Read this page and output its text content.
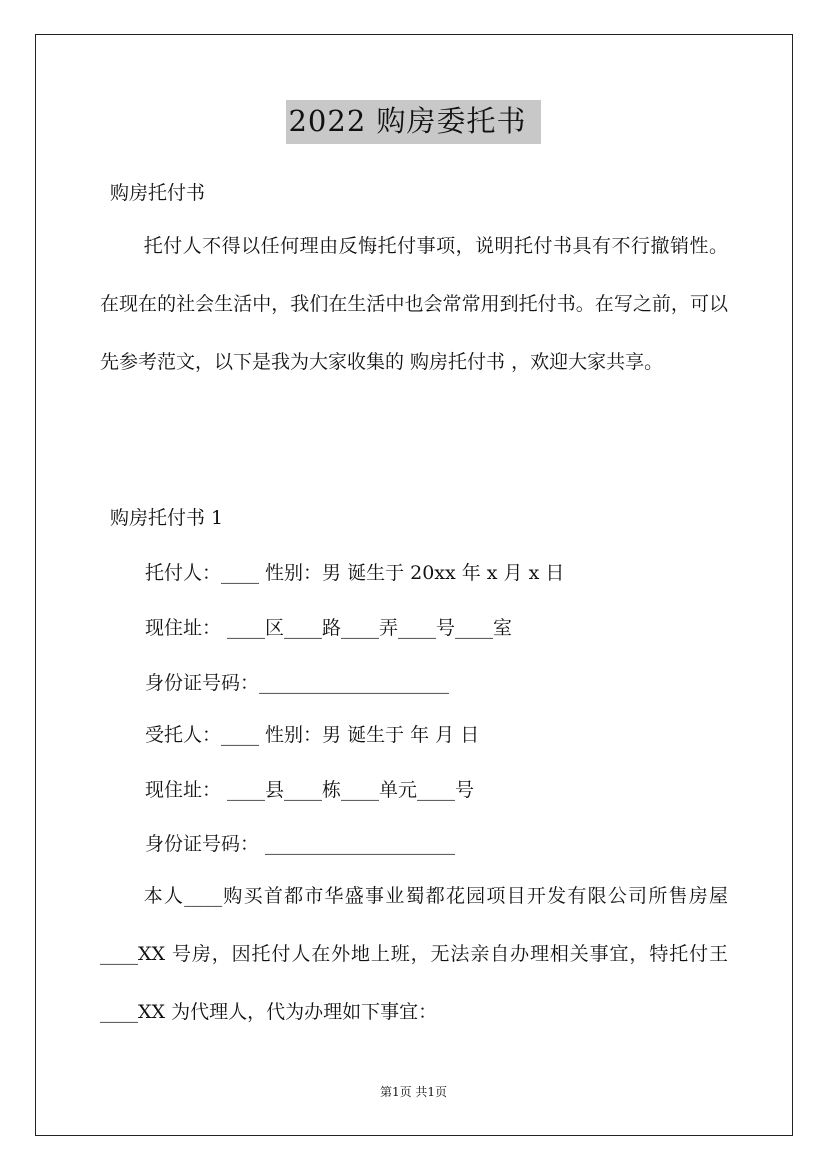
2022 购房委托书
购房托付书
托付人不得以任何理由反悔托付事项，说明托付书具有不行撤销性。在现在的社会生活中，我们在生活中也会常常用到托付书。在写之前，可以先参考范文，以下是我为大家收集的 购房托付书 ，欢迎大家共享。
购房托付书 1
托付人：____ 性别：男 诞生于 20xx 年 x 月 x 日
现住址： ____区____路____弄____号____室
身份证号码：____________________
受托人：____ 性别：男 诞生于 年 月 日
现住址： ____县____栋____单元____号
身份证号码： ____________________
本人____购买首都市华盛事业蜀都花园项目开发有限公司所售房屋____XX 号房，因托付人在外地上班，无法亲自办理相关事宜，特托付王____XX 为代理人，代为办理如下事宜：
第1页 共1页
